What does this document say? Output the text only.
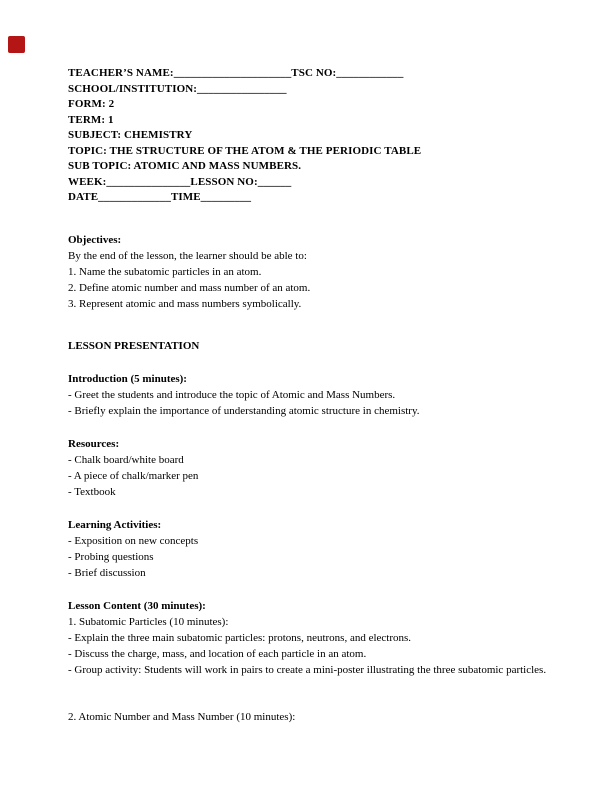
TEACHER’S NAME:_____________________TSC NO:____________
SCHOOL/INSTITUTION:________________
FORM: 2
TERM: 1
SUBJECT: CHEMISTRY
TOPIC: THE STRUCTURE OF THE ATOM & THE PERIODIC TABLE
SUB TOPIC: ATOMIC AND MASS NUMBERS.
WEEK:_______________LESSON NO:______
DATE_____________TIME_________
Objectives:
By the end of the lesson, the learner should be able to:
1. Name the subatomic particles in an atom.
2. Define atomic number and mass number of an atom.
3. Represent atomic and mass numbers symbolically.
LESSON PRESENTATION
Introduction (5 minutes):
- Greet the students and introduce the topic of Atomic and Mass Numbers.
- Briefly explain the importance of understanding atomic structure in chemistry.
Resources:
- Chalk board/white board
- A piece of chalk/marker pen
- Textbook
Learning Activities:
- Exposition on new concepts
- Probing questions
- Brief discussion
Lesson Content (30 minutes):
1. Subatomic Particles (10 minutes):
- Explain the three main subatomic particles: protons, neutrons, and electrons.
- Discuss the charge, mass, and location of each particle in an atom.
- Group activity: Students will work in pairs to create a mini-poster illustrating the three subatomic particles.
2. Atomic Number and Mass Number (10 minutes):
